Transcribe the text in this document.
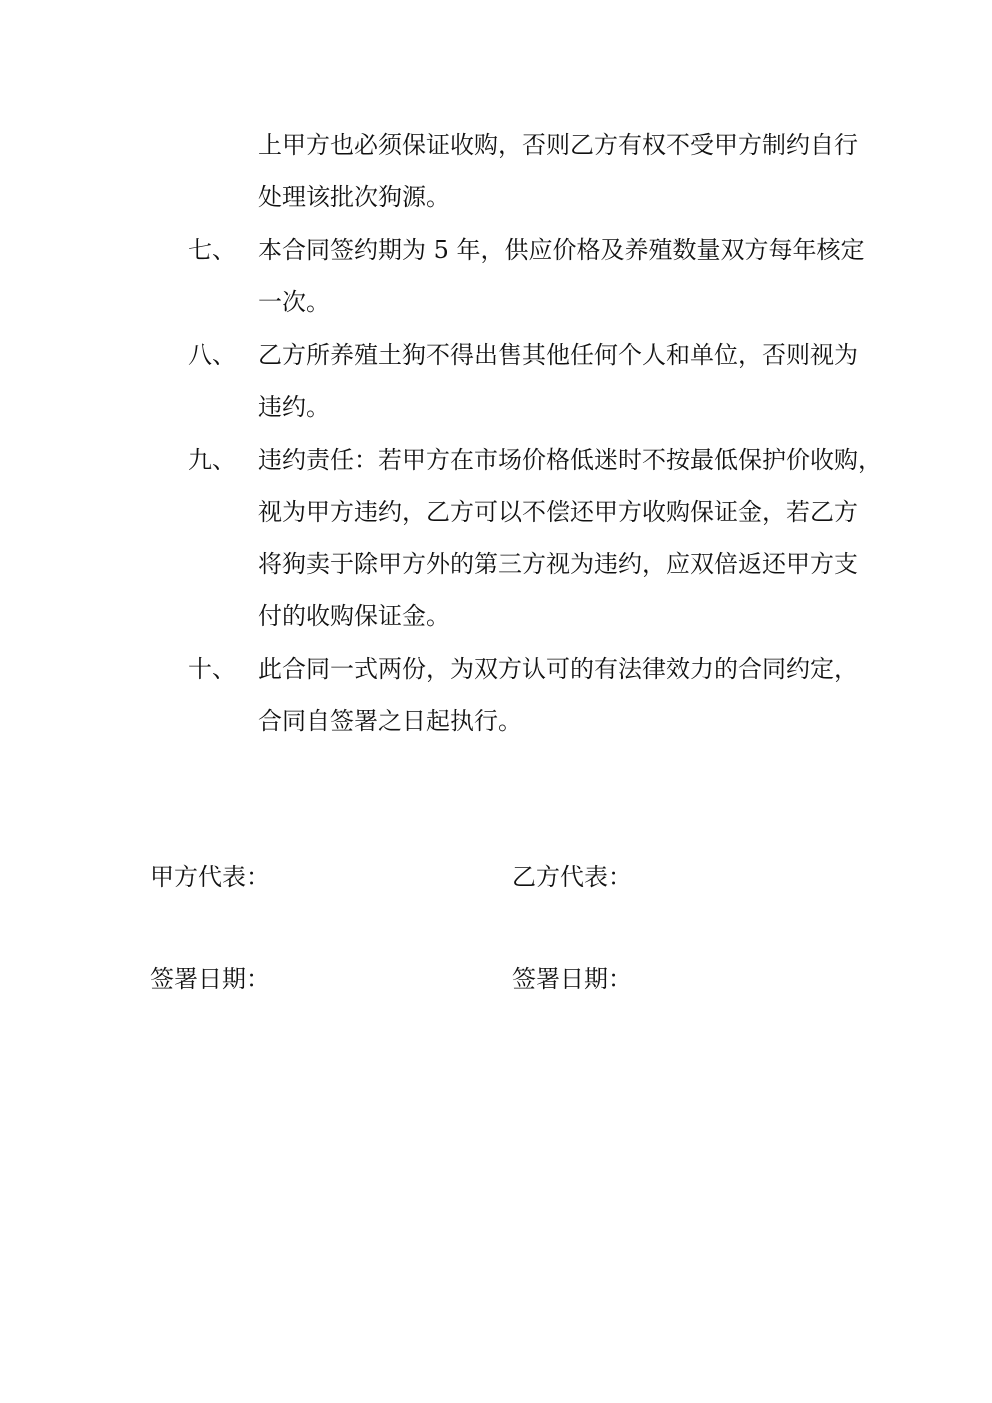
上甲方也必须保证收购，否则乙方有权不受甲方制约自行
处理该批次狗源。
七、 本合同签约期为 5 年，供应价格及养殖数量双方每年核定
一次。
八、 乙方所养殖土狗不得出售其他任何个人和单位，否则视为
违约。
九、 违约责任：若甲方在市场价格低迷时不按最低保护价收购，
视为甲方违约，乙方可以不偿还甲方收购保证金，若乙方
将狗卖于除甲方外的第三方视为违约，应双倍返还甲方支
付的收购保证金。
十、 此合同一式两份，为双方认可的有法律效力的合同约定，
合同自签署之日起执行。
甲方代表：	乙方代表：
签署日期：	签署日期：
